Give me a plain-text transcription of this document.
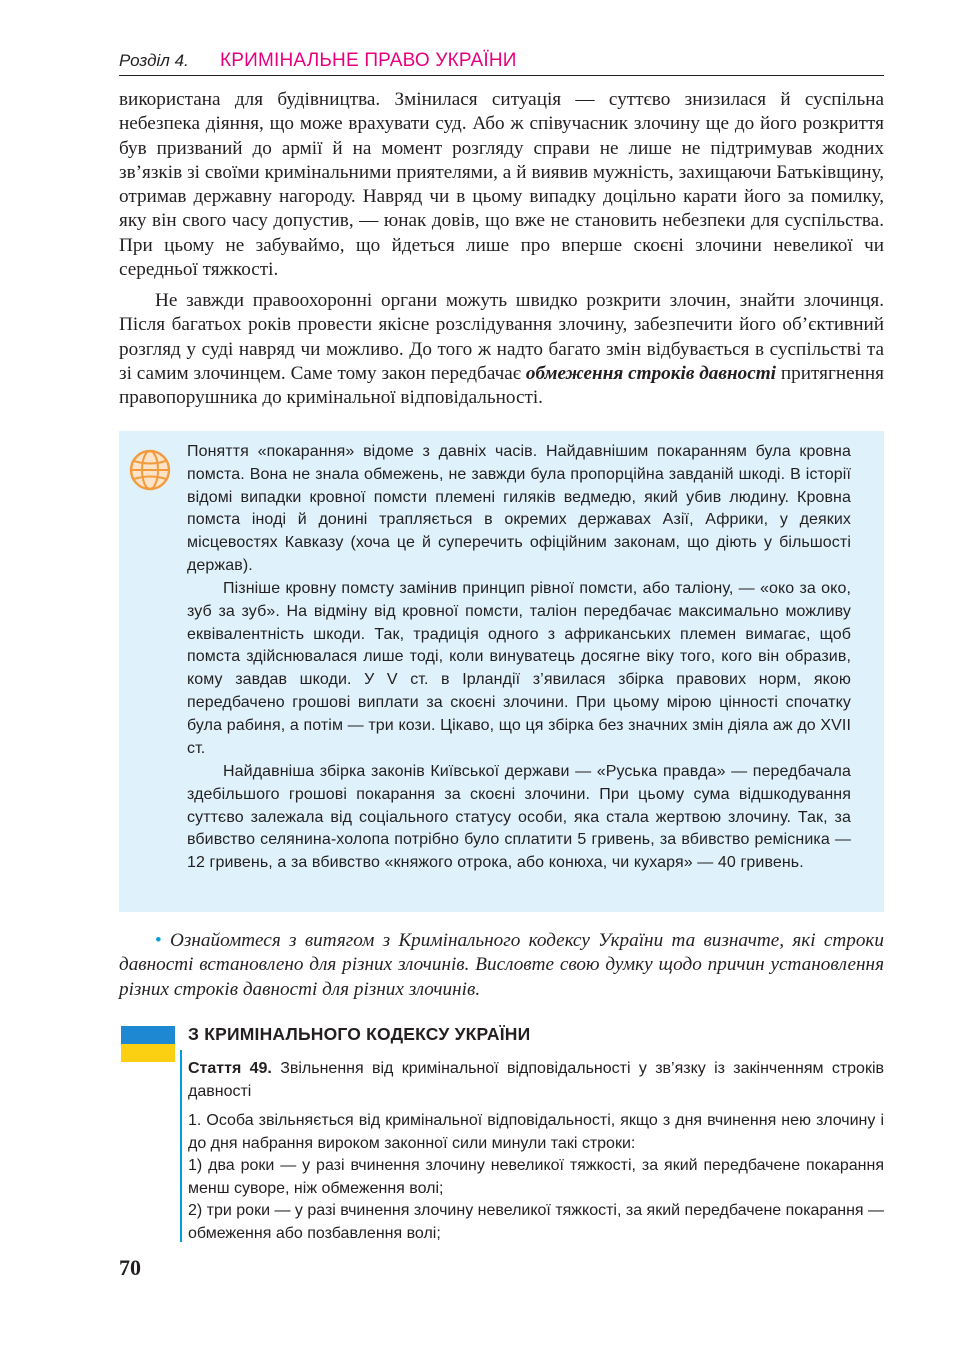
Розділ 4. КРИМІНАЛЬНЕ ПРАВО УКРАЇНИ
використана для будівництва. Змінилася ситуація — суттєво знизилася й суспільна небезпека діяння, що може врахувати суд. Або ж співучасник злочину ще до його розкриття був призваний до армії й на момент розгляду справи не лише не підтримував жодних зв’язків зі своїми кримінальними приятелями, а й виявив мужність, захищаючи Батьківщину, отримав державну нагороду. Навряд чи в цьому випадку доцільно карати його за помилку, яку він свого часу допустив, — юнак довів, що вже не становить небезпеки для суспільства. При цьому не забуваймо, що йдеться лише про вперше скоєні злочини невеликої чи середньої тяжкості.
Не завжди правоохоронні органи можуть швидко розкрити злочин, знайти злочинця. Після багатьох років провести якісне розслідування злочину, забезпечити його об’єктивний розгляд у суді навряд чи можливо. До того ж надто багато змін відбувається в суспільстві та зі самим злочинцем. Саме тому закон передбачає обмеження строків давності притягнення правопорушника до кримінальної відповідальності.
Поняття «покарання» відоме з давніх часів. Найдавнішим покаранням була кровна помста. Вона не знала обмежень, не завжди була пропорційна завданій шкоді. В історії відомі випадки кровної помсти племені гиляків ведмедю, який убив людину. Кровна помста іноді й донині трапляється в окремих державах Азії, Африки, у деяких місцевостях Кавказу (хоча це й суперечить офіційним законам, що діють у більшості держав).
Пізніше кровну помсту замінив принцип рівної помсти, або таліону, — «око за око, зуб за зуб». На відміну від кровної помсти, таліон передбачає максимально можливу еквівалентність шкоди. Так, традиція одного з африканських племен вимагає, щоб помста здійснювалася лише тоді, коли винуватець досягне віку того, кого він образив, кому завдав шкоди. У V ст. в Ірландії з’явилася збірка правових норм, якою передбачено грошові виплати за скоєні злочини. При цьому мірою цінності спочатку була рабиня, а потім — три кози. Цікаво, що ця збірка без значних змін діяла аж до XVII ст.
Найдавніша збірка законів Київської держави — «Руська правда» — передбачала здебільшого грошові покарання за скоєні злочини. При цьому сума відшкодування суттєво залежала від соціального статусу особи, яка стала жертвою злочину. Так, за вбивство селянина-холопа потрібно було сплатити 5 гривень, за вбивство ремісника — 12 гривень, а за вбивство «княжого отрока, або конюха, чи кухаря» — 40 гривень.
• Ознайомтеся з витягом з Кримінального кодексу України та визначте, які строки давності встановлено для різних злочинів. Висловте свою думку щодо причин установлення різних строків давності для різних злочинів.
З КРИМІНАЛЬНОГО КОДЕКСУ УКРАЇНИ
Стаття 49. Звільнення від кримінальної відповідальності у зв’язку із закінченням строків давності
1. Особа звільняється від кримінальної відповідальності, якщо з дня вчинення нею злочину і до дня набрання вироком законної сили минули такі строки:
1) два роки — у разі вчинення злочину невеликої тяжкості, за який передбачене покарання менш суворе, ніж обмеження волі;
2) три роки — у разі вчинення злочину невеликої тяжкості, за який передбачене покарання — обмеження або позбавлення волі;
70
